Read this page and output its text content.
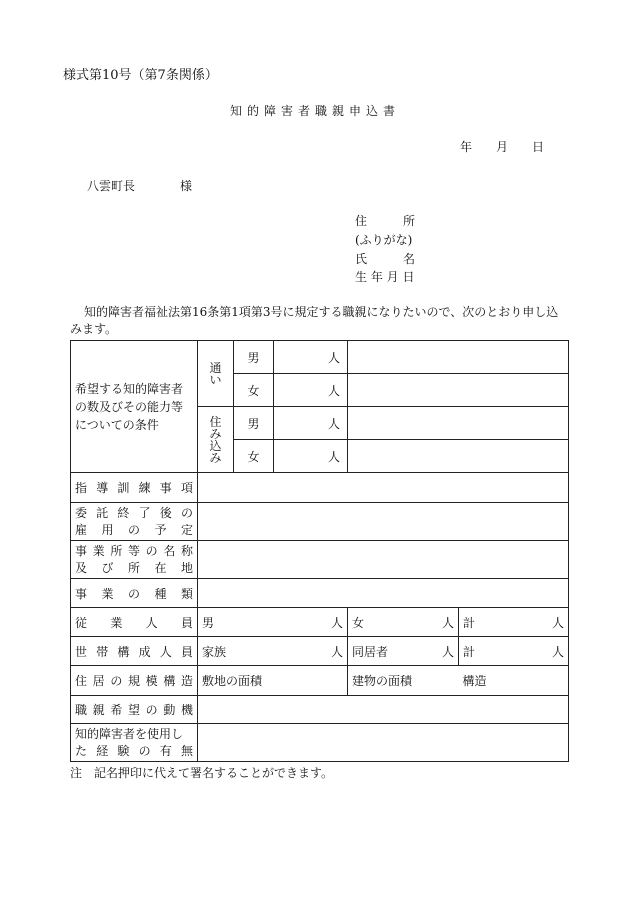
様式第10号（第7条関係）
知的障害者職親申込書
年 月 日
八雲町長	様
住　　　所
(ふりがな)
氏　　　名
生 年 月 日
知的障害者福祉法第16条第1項第3号に規定する職親になりたいので、次のとおり申し込みます。
希望する知的障害者の数及びその能力等についての条件	通い	男	人		
		女	人		

	住み込み	男	人		
		女	人		
指導訓練事項					

委託終了後の
雇用の予定					

事業所等の名称
及び所在地					

事業の種類					
従業人員	男 人			女 人	計 人

世帯構成人員	家族 人			同居者 人	計 人

住居の規模構造	敷地の面積			建物の面積	構造
職親希望の動機					

知的障害者を使用し
た経験の有無					

注　記名押印に代えて署名することができます。
